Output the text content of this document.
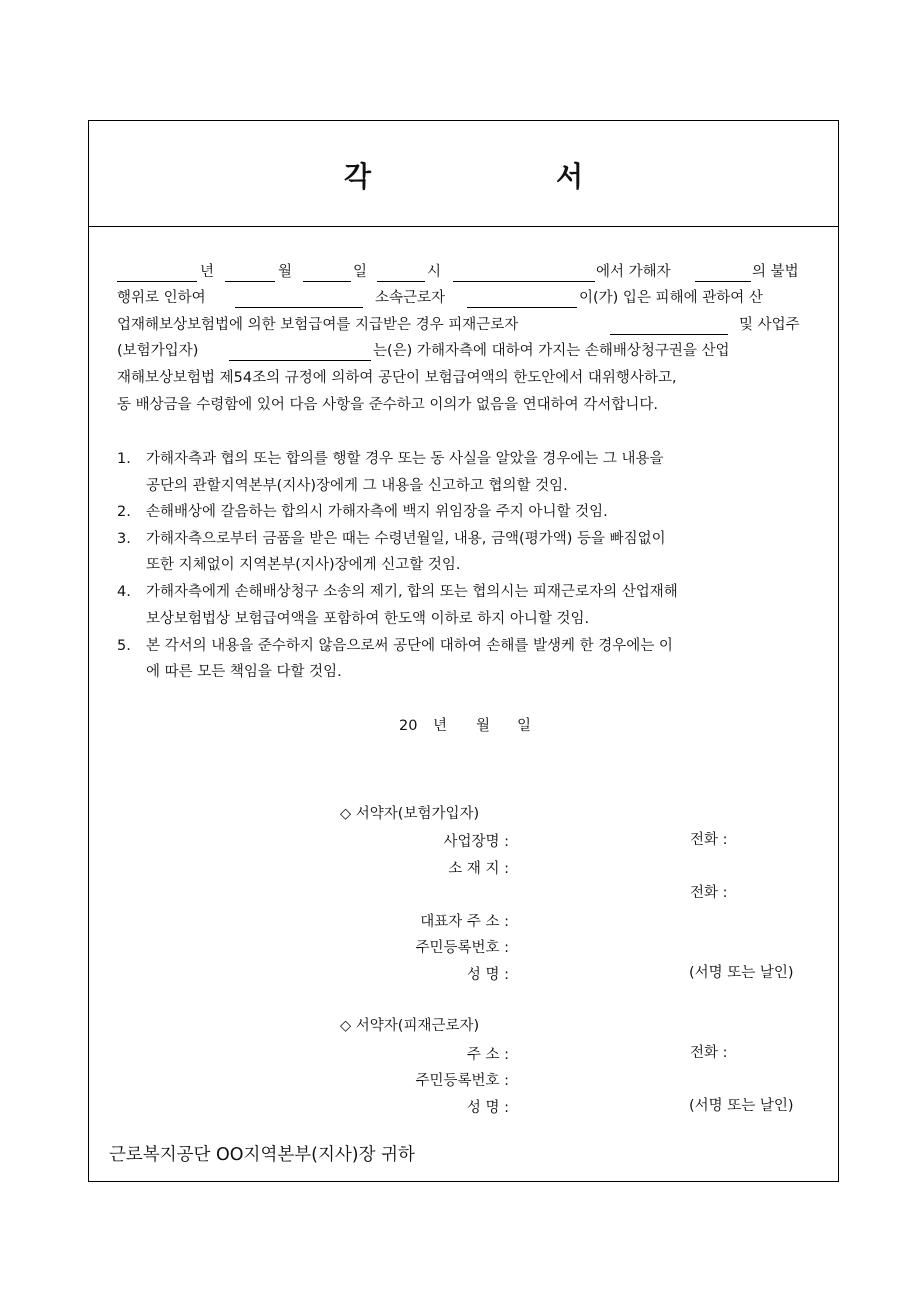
각	서
년	월	일	시	에서 가해자	의 불법
행위로 인하여	소속근로자	이(가) 입은 피해에 관하여 산
업재해보상보험법에 의한 보험급여를 지급받은 경우 피재근로자	및 사업주
(보험가입자)	는(은) 가해자측에 대하여 가지는 손해배상청구권을 산업
재해보상보험법 제54조의 규정에 의하여 공단이 보험급여액의 한도안에서 대위행사하고,
동 배상금을 수령함에 있어 다음 사항을 준수하고 이의가 없음을 연대하여 각서합니다.
1. 가해자측과 협의 또는 합의를 행할 경우 또는 동 사실을 알았을 경우에는 그 내용을
공단의 관할지역본부(지사)장에게 그 내용을 신고하고 협의할 것임.
2. 손해배상에 갈음하는 합의시 가해자측에 백지 위임장을 주지 아니할 것임.
3. 가해자측으로부터 금품을 받은 때는 수령년월일, 내용, 금액(평가액) 등을 빠짐없이
또한 지체없이 지역본부(지사)장에게 신고할 것임.
4. 가해자측에게 손해배상청구 소송의 제기, 합의 또는 협의시는 피재근로자의 산업재해
보상보험법상 보험급여액을 포함하여 한도액 이하로 하지 아니할 것임.
5. 본 각서의 내용을 준수하지 않음으로써 공단에 대하여 손해를 발생케 한 경우에는 이
에 따른 모든 책임을 다할 것임.
20 년 월 일
◇ 서약자(보험가입자)
사업장명 :	전화 :
소 재 지 :
전화 :
대표자 주 소 :
주민등록번호 :
성 명 :	(서명 또는 날인)
◇ 서약자(피재근로자)
주 소 :	전화 :
주민등록번호 :
성 명 :	(서명 또는 날인)
근로복지공단 OO지역본부(지사)장 귀하
